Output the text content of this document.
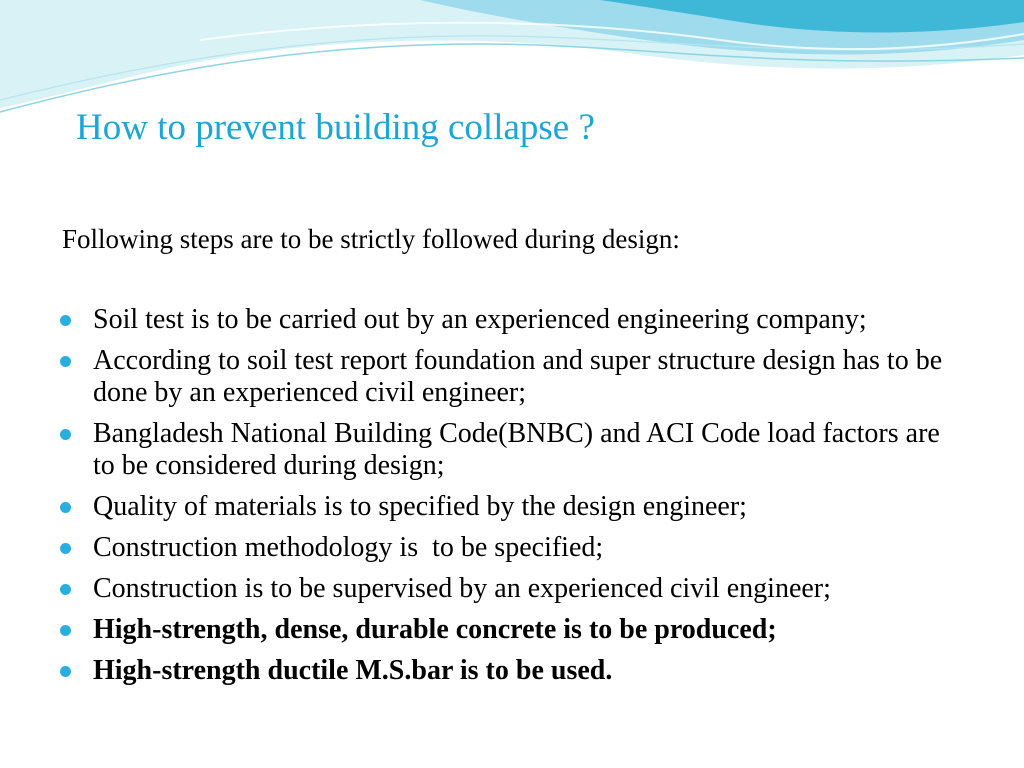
How to prevent building collapse ?

Following steps are to be strictly followed during design:

Soil test is to be carried out by an experienced engineering company;
According to soil test report foundation and super structure design has to be done by an experienced civil engineer;
Bangladesh National Building Code(BNBC) and ACI Code load factors are to be considered during design;
Quality of materials is to specified by the design engineer;
Construction methodology is  to be specified;
Construction is to be supervised by an experienced civil engineer;
High-strength, dense, durable concrete is to be produced;
High-strength ductile M.S.bar is to be used.
